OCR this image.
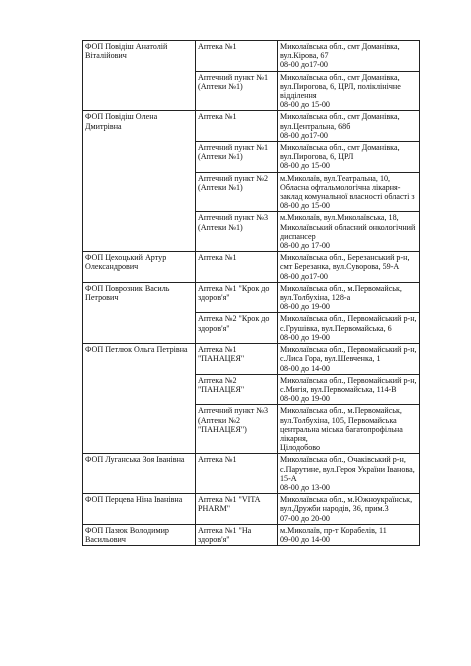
ФОП Повідіш Анатолій Віталійович	Аптека №1	Миколаївська обл., смт Доманівка,
вул.Кірова, 67
08-00 до17-00

	Аптечний пункт №1 (Аптеки №1)	Миколаївська обл., смт Доманівка,
вул.Пирогова, 6, ЦРЛ, поліклінічне відділення
08-00 до 15-00

ФОП Повідіш Олена Дмитрівна	Аптека №1	Миколаївська обл., смт Доманівка,
вул.Центральна, 68б
08-00 до17-00

	Аптечний пункт №1 (Аптеки №1)	Миколаївська обл., смт Доманівка,
вул.Пирогова, 6, ЦРЛ
08-00 до 15-00

	Аптечний пункт №2 (Аптеки №1)	м.Миколаїв, вул.Театральна, 10,
Обласна офтальмологічна лікарня-заклад комунальної власності області з
08-00 до 15-00

	Аптечний пункт №3 (Аптеки №1)	м.Миколаїв, вул.Миколаївська, 18,
Миколаївський обласний онкологічний диспансер
08-00 до 17-00

ФОП Цехоцький Артур Олександрович	Аптека №1	Миколаївська обл., Березанський р-н,
смт Березанка, вул.Суворова, 59-А
08-00 до17-00

ФОП Поврозник Василь Петрович	Аптека №1 "Крок до здоров'я"	Миколаївська обл., м.Первомайськ,
вул.Толбухіна, 128-а
08-00 до 19-00

	Аптека №2 "Крок до здоров'я"	Миколаївська обл., Первомайський р-н, с.Грушівка, вул.Первомайська, 6
08-00 до 19-00

ФОП Петлюк Ольга Петрівна	Аптека №1 "ПАНАЦЕЯ"	Миколаївська обл., Первомайський р-н, с.Лиса Гора, вул.Шевченка, 1
08-00 до 14-00

	Аптека №2 "ПАНАЦЕЯ"	Миколаївська обл., Первомайський р-н, с.Мигія, вул.Первомайська, 114-В
08-00 до 19-00

	Аптечний пункт №3 (Аптеки №2 "ПАНАЦЕЯ")	Миколаївська обл., м.Первомайськ, вул.Толбухіна, 105, Первомайська центральна міська багатопрофільна лікарня,
Цілодобово

ФОП Луганська Зоя Іванівна	Аптека №1	Миколаївська обл., Очаківський р-н, с.Парутине, вул.Героя України Іванова, 15-А
08-00 до 13-00

ФОП Перцева Ніна Іванівна	Аптека №1 "VITA PHARM"	Миколаївська обл., м.Южноукраїнськ, вул.Дружби народів, 36, прим.3
07-00 до 20-00

ФОП Пазюк Володимир Васильович	Аптека №1 "На здоров'я"	м.Миколаїв, пр-т Корабелів, 11
09-00 до 14-00
